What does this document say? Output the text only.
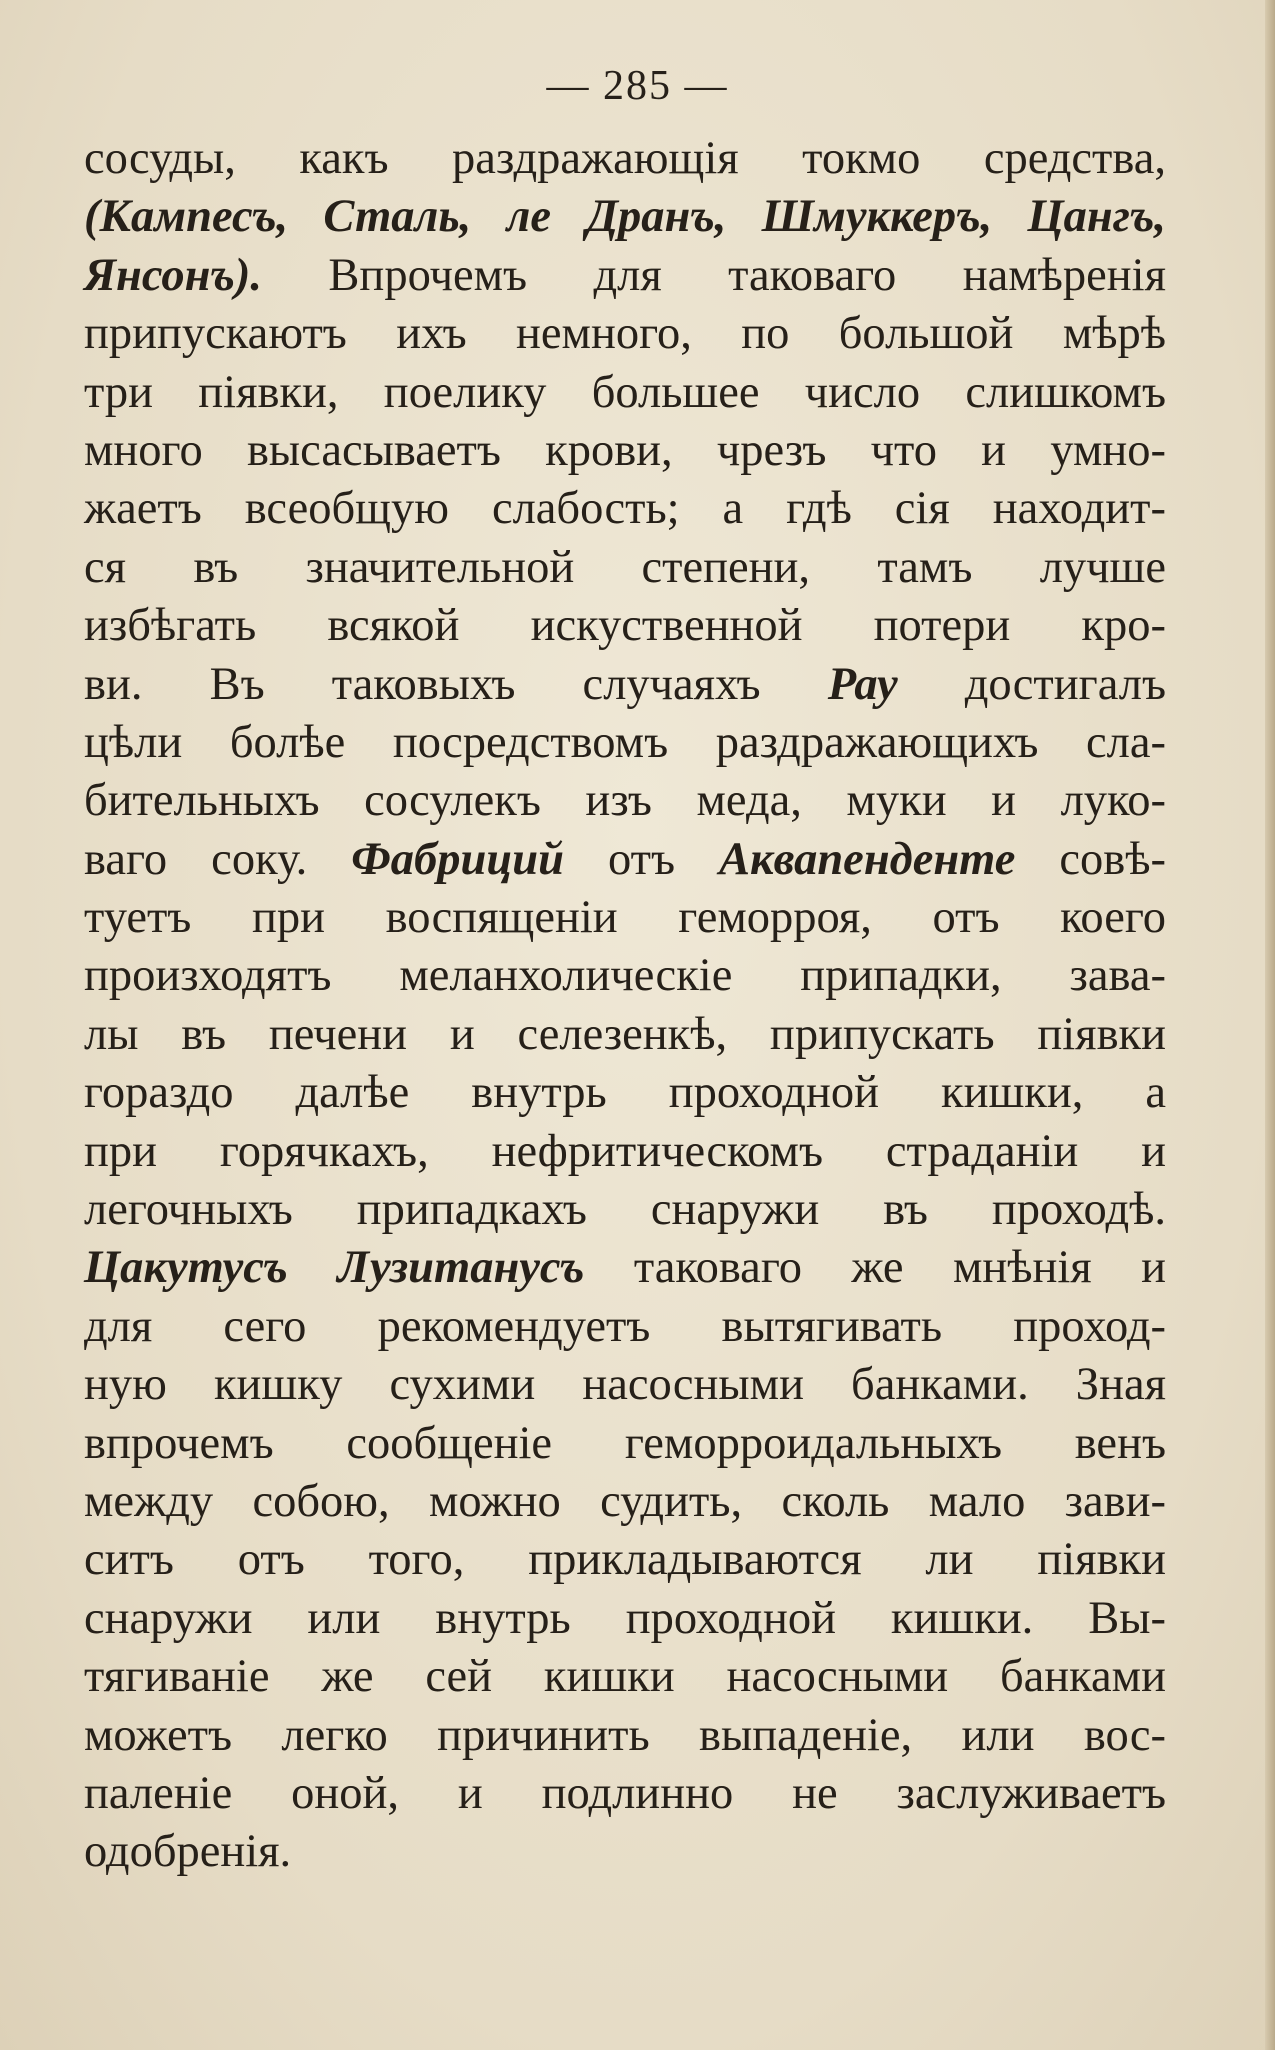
— 285 —
сосуды, какъ раздражающія токмо средства,
(Кампесъ, Сталь, ле Дранъ, Шмуккеръ, Цангъ,
Янсонъ). Впрочемъ для таковаго намѣренія
припускаютъ ихъ немного, по большой мѣрѣ
три піявки, поелику большее число слишкомъ
много высасываетъ крови, чрезъ что и умно-
жаетъ всеобщую слабость; а гдѣ сія находит-
ся въ значительной степени, тамъ лучше
избѣгать всякой искуственной потери кро-
ви. Въ таковыхъ случаяхъ Рау достигалъ
цѣли болѣе посредствомъ раздражающихъ сла-
бительныхъ сосулекъ изъ меда, муки и луко-
ваго соку. Фабриций отъ Аквапенденте совѣ-
туетъ при воспященіи геморроя, отъ коего
произходятъ меланхолическіе припадки, зава-
лы въ печени и селезенкѣ, припускать піявки
гораздо далѣе внутрь проходной кишки, а
при горячкахъ, нефритическомъ страданіи и
легочныхъ припадкахъ снаружи въ проходѣ.
Цакутусъ Лузитанусъ таковаго же мнѣнія и
для сего рекомендуетъ вытягивать проход-
ную кишку сухими насосными банками. Зная
впрочемъ сообщеніе геморроидальныхъ венъ
между собою, можно судить, сколь мало зави-
ситъ отъ того, прикладываются ли піявки
снаружи или внутрь проходной кишки. Вы-
тягиваніе же сей кишки насосными банками
можетъ легко причинить выпаденіе, или вос-
паленіе оной, и подлинно не заслуживаетъ
одобренія.
